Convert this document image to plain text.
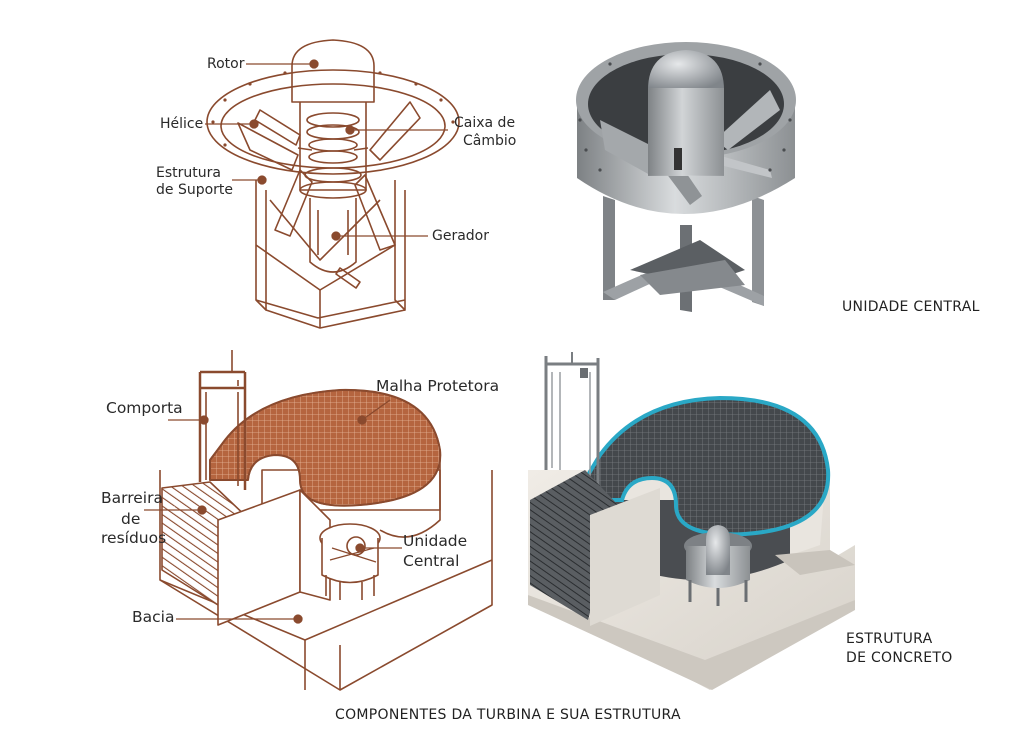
Rotor
Hélice
Estrutura
de Suporte
Caixa de
Câmbio
Gerador
Comporta
Malha Protetora
Barreira
de
resíduos	Unidade
Central
Bacia
UNIDADE CENTRAL
ESTRUTURA
DE CONCRETO
COMPONENTES DA TURBINA E SUA ESTRUTURA
